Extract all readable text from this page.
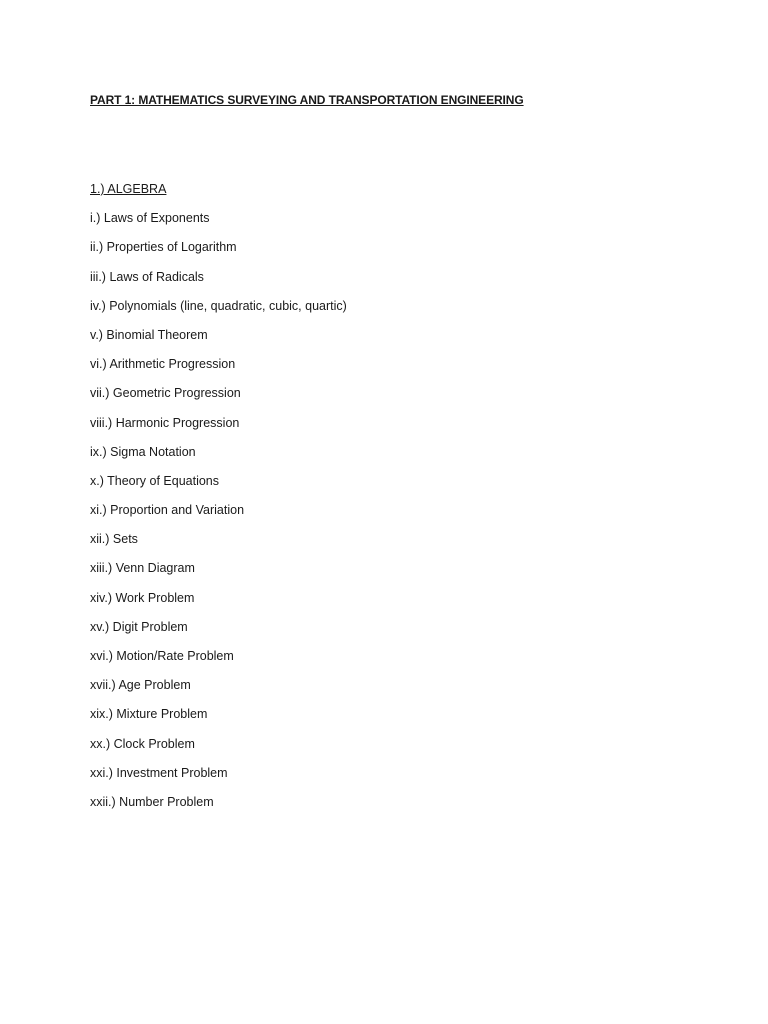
PART 1: MATHEMATICS SURVEYING AND TRANSPORTATION ENGINEERING
1.) ALGEBRA
i.) Laws of Exponents
ii.) Properties of Logarithm
iii.) Laws of Radicals
iv.) Polynomials (line, quadratic, cubic, quartic)
v.) Binomial Theorem
vi.) Arithmetic Progression
vii.) Geometric Progression
viii.) Harmonic Progression
ix.) Sigma Notation
x.) Theory of Equations
xi.) Proportion and Variation
xii.) Sets
xiii.) Venn Diagram
xiv.) Work Problem
xv.) Digit Problem
xvi.) Motion/Rate Problem
xvii.) Age Problem
xix.) Mixture Problem
xx.) Clock Problem
xxi.) Investment Problem
xxii.) Number Problem
